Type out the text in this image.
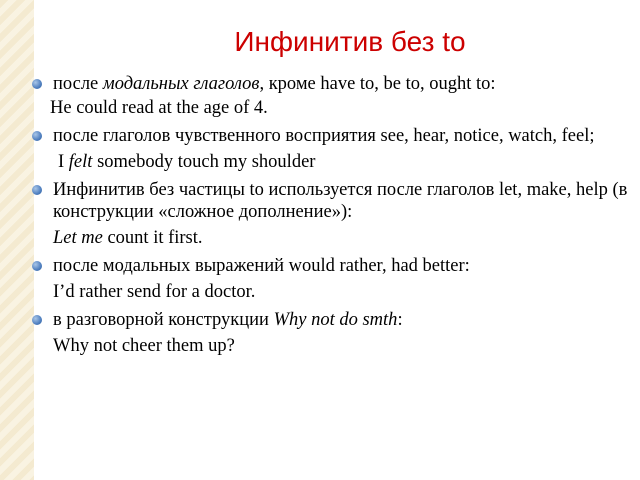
Инфинитив без to
после модальных глаголов, кроме have to, be to, ought to:
He could read at the age of 4.
после глаголов чувственного восприятия see, hear, notice, watch, feel;
I felt somebody touch my shoulder
Инфинитив без частицы to используется после глаголов let, make, help (в конструкции «сложное дополнение»):
Let me count it first.
после модальных выражений would rather, had better:
I’d rather send for a doctor.
в разговорной конструкции Why not do smth:
Why not cheer them up?
